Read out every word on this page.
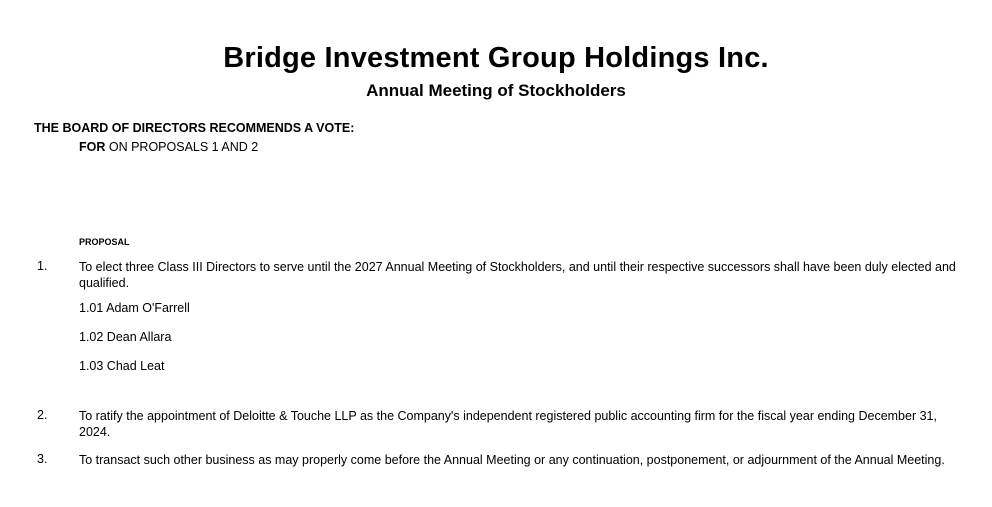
Bridge Investment Group Holdings Inc.
Annual Meeting of Stockholders
THE BOARD OF DIRECTORS RECOMMENDS A VOTE:
FOR ON PROPOSALS 1 AND 2
PROPOSAL
1.	To elect three Class III Directors to serve until the 2027 Annual Meeting of Stockholders, and until their respective successors shall have been duly elected and qualified.
1.01 Adam O'Farrell
1.02 Dean Allara
1.03 Chad Leat
2.	To ratify the appointment of Deloitte & Touche LLP as the Company's independent registered public accounting firm for the fiscal year ending December 31, 2024.
3.	To transact such other business as may properly come before the Annual Meeting or any continuation, postponement, or adjournment of the Annual Meeting.
